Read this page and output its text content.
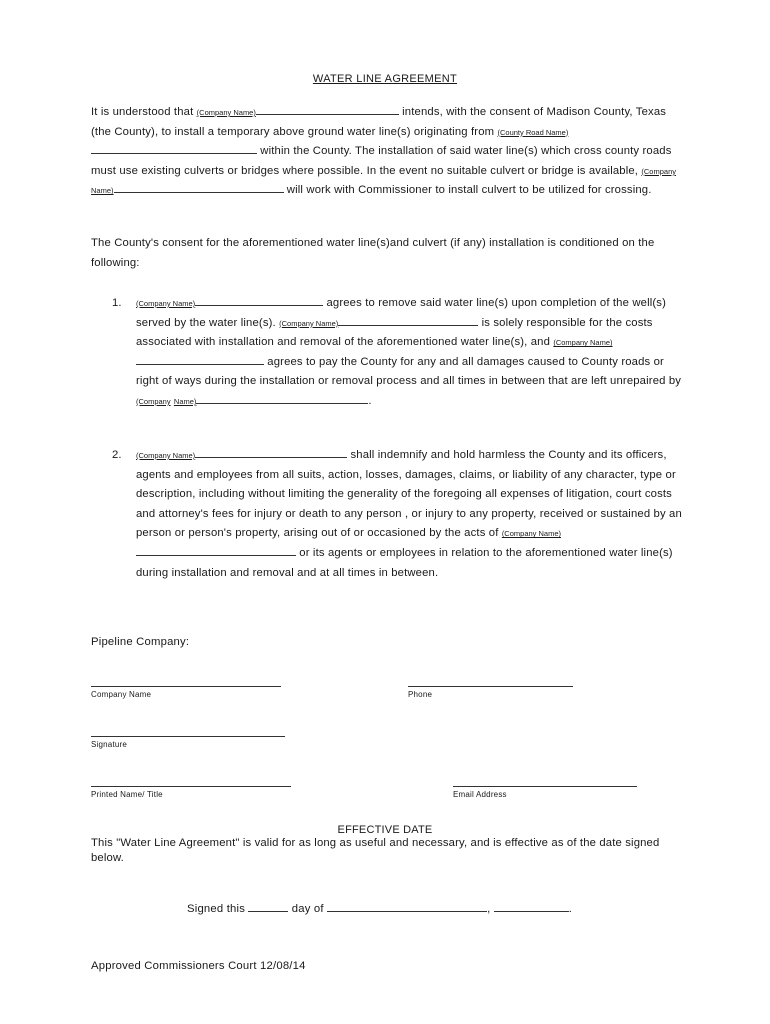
WATER LINE AGREEMENT
It is understood that (Company Name)	intends, with the consent of Madison County, Texas (the County), to install a temporary above ground water line(s) originating from (County Road Name) within the County. The installation of said water line(s) which cross county roads must use existing culverts or bridges where possible. In the event no suitable culvert or bridge is available, (Company Name)	will work with Commissioner to install culvert to be utilized for crossing.
The County's consent for the aforementioned water line(s)and culvert (if any) installation is conditioned on the following:
1. (Company Name)	agrees to remove said water line(s) upon completion of the well(s) served by the water line(s). (Company Name)	is solely responsible for the costs associated with installation and removal of the aforementioned water line(s), and (Company Name) agrees to pay the County for any and all damages caused to County roads or right of ways during the installation or removal process and all times in between that are left unrepaired by (Company Name)	.
2. (Company Name)	shall indemnify and hold harmless the County and its officers, agents and employees from all suits, action, losses, damages, claims, or liability of any character, type or description, including without limiting the generality of the foregoing all expenses of litigation, court costs and attorney's fees for injury or death to any person , or injury to any property, received or sustained by an person or person's property, arising out of or occasioned by the acts of (Company Name) or its agents or employees in relation to the aforementioned water line(s) during installation and removal and at all times in between.
Pipeline Company:
Company Name	Phone
Signature
Printed Name/ Title	Email Address
EFFECTIVE DATE
This "Water Line Agreement" is valid for as long as useful and necessary, and is effective as of the date signed below.
Signed this	day of	,	.
Approved Commissioners Court 12/08/14
